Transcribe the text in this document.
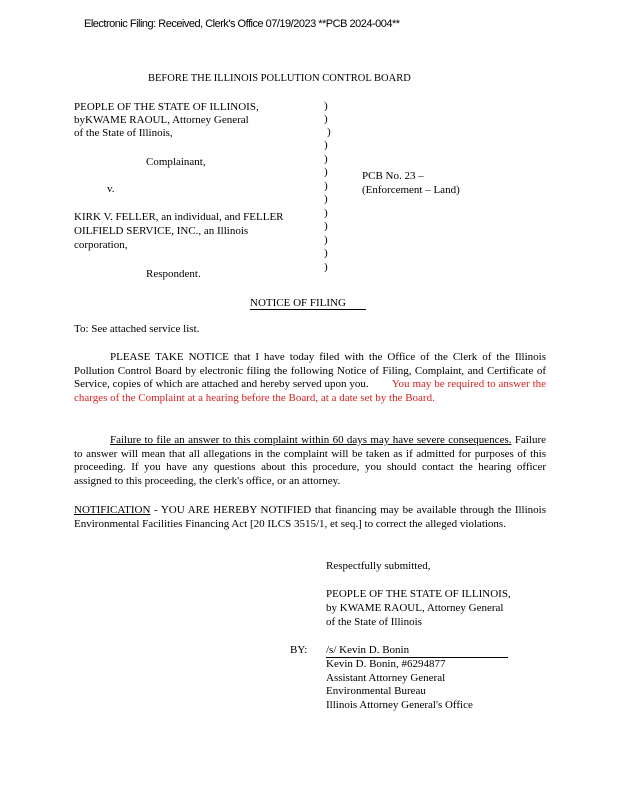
Electronic Filing: Received, Clerk's Office 07/19/2023 **PCB 2024-004**
BEFORE THE ILLINOIS POLLUTION CONTROL BOARD
PEOPLE OF THE STATE OF ILLINOIS,
byKWAME RAOUL, Attorney General
of the State of Illinois,
Complainant,
v.
KIRK V. FELLER, an individual, and FELLER
OILFIELD SERVICE, INC., an Illinois
corporation,
Respondent.
)
)
)
)
)
)
)
)
)
)
)
)
)
PCB No. 23 –
(Enforcement – Land)
NOTICE OF FILING
To: See attached service list.
PLEASE TAKE NOTICE that I have today filed with the Office of the Clerk of the Illinois Pollution Control Board by electronic filing the following Notice of Filing, Complaint, and Certificate of Service, copies of which are attached and hereby served upon you. You may be required to answer the charges of the Complaint at a hearing before the Board, at a date set by the Board.
Failure to file an answer to this complaint within 60 days may have severe consequences. Failure to answer will mean that all allegations in the complaint will be taken as if admitted for purposes of this proceeding. If you have any questions about this procedure, you should contact the hearing officer assigned to this proceeding, the clerk's office, or an attorney.
NOTIFICATION - YOU ARE HEREBY NOTIFIED that financing may be available through the Illinois Environmental Facilities Financing Act [20 ILCS 3515/1, et seq.] to correct the alleged violations.
Respectfully submitted,
PEOPLE OF THE STATE OF ILLINOIS,
by KWAME RAOUL, Attorney General
of the State of Illinois
BY: /s/ Kevin D. Bonin
Kevin D. Bonin, #6294877
Assistant Attorney General
Environmental Bureau
Illinois Attorney General's Office
